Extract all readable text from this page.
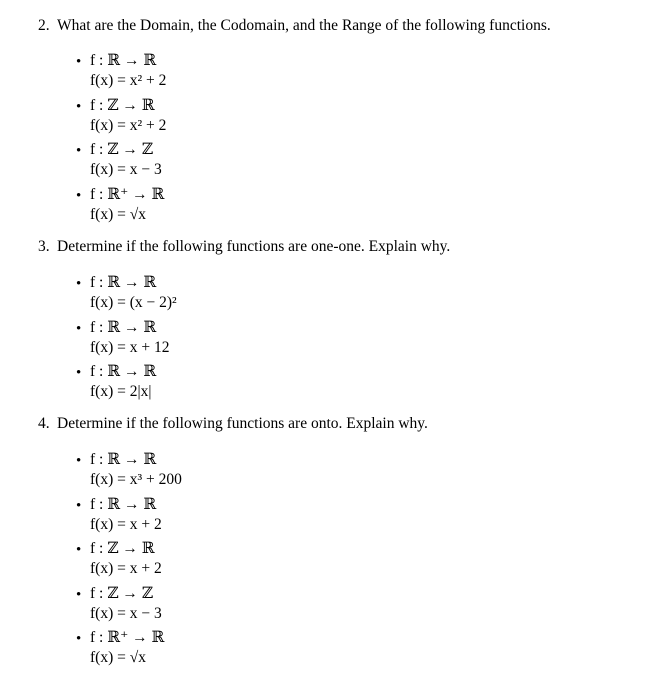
2. What are the Domain, the Codomain, and the Range of the following functions.
• f : ℝ → ℝ
f(x) = x² + 2
• f : ℤ → ℝ
f(x) = x² + 2
• f : ℤ → ℤ
f(x) = x − 3
• f : ℝ⁺ → ℝ
f(x) = √x
3. Determine if the following functions are one-one. Explain why.
• f : ℝ → ℝ
f(x) = (x − 2)²
• f : ℝ → ℝ
f(x) = x + 12
• f : ℝ → ℝ
f(x) = 2|x|
4. Determine if the following functions are onto. Explain why.
• f : ℝ → ℝ
f(x) = x³ + 200
• f : ℝ → ℝ
f(x) = x + 2
• f : ℤ → ℝ
f(x) = x + 2
• f : ℤ → ℤ
f(x) = x − 3
• f : ℝ⁺ → ℝ
f(x) = √x
